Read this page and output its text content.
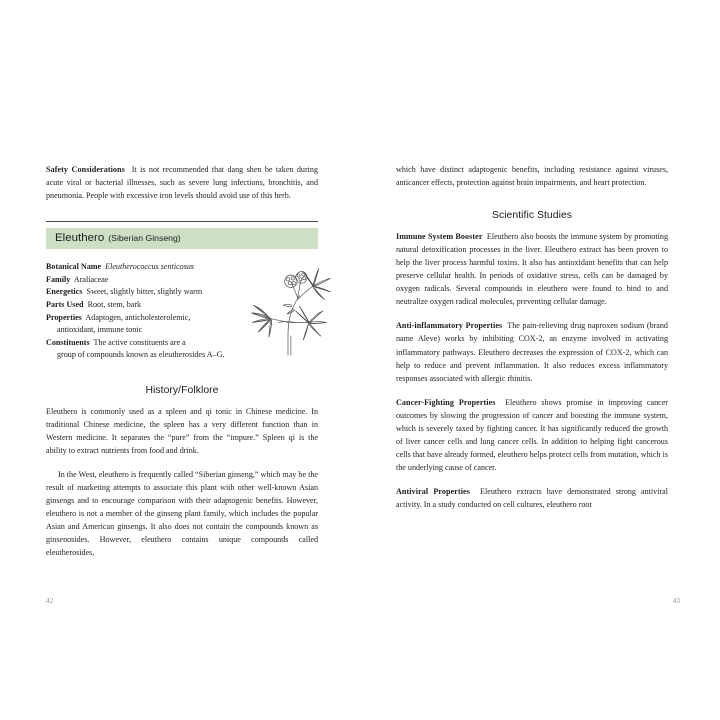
Safety Considerations It is not recommended that dang shen be taken during acute viral or bacterial illnesses, such as severe lung infections, bronchitis, and pneumonia. People with excessive iron levels should avoid use of this herb.

Eleuthero (Siberian Ginseng)

Botanical Name Eleutherococcus senticosus

Family Araliaceae

Energetics Sweet, slightly bitter, slightly warm

Parts Used Root, stem, bark

Properties Adaptogen, anticholesterolemic,
antioxidant, immune tonic

Constituents The active constituents are a
group of compounds known as eleutherosides A–G.

History/Folklore

Eleuthero is commonly used as a spleen and qi tonic in Chinese medicine. In traditional Chinese medicine, the spleen has a very different function than in Western medicine. It separates the “pure” from the “impure.” Spleen qi is the ability to extract nutrients from food and drink.

In the West, eleuthero is frequently called “Siberian ginseng,” which may be the result of marketing attempts to associate this plant with other well-known Asian ginsengs and to encourage comparison with their adaptogenic benefits. However, eleuthero is not a member of the ginseng plant family, which includes the popular Asian and American ginsengs. It also does not contain the compounds known as ginsenosides. However, eleuthero contains unique compounds called eleutherosides,

42

which have distinct adaptogenic benefits, including resistance against viruses, anticancer effects, protection against brain impairments, and heart protection.

Scientific Studies

Immune System Booster Eleuthero also boosts the immune system by promoting natural detoxification processes in the liver. Eleuthero extract has been proven to help the liver process harmful toxins. It also has antioxidant benefits that can help preserve cellular health. In periods of oxidative stress, cells can be damaged by oxygen radicals. Several compounds in eleuthero were found to bind to and neutralize oxygen radical molecules, preventing cellular damage.

Anti-inflammatory Properties The pain-relieving drug naproxen sodium (brand name Aleve) works by inhibiting COX-2, an enzyme involved in activating inflammatory pathways. Eleuthero decreases the expression of COX-2, which can help to reduce and prevent inflammation. It also reduces excess inflammatory responses associated with allergic rhinitis.

Cancer-Fighting Properties Eleuthero shows promise in improving cancer outcomes by slowing the progression of cancer and boosting the immune system, which is severely taxed by fighting cancer. It has significantly reduced the growth of liver cancer cells and lung cancer cells. In addition to helping fight cancerous cells that have already formed, eleuthero helps protect cells from mutation, which is the underlying cause of cancer.

Antiviral Properties Eleuthero extracts have demonstrated strong antiviral activity. In a study conducted on cell cultures, eleuthero root

43
